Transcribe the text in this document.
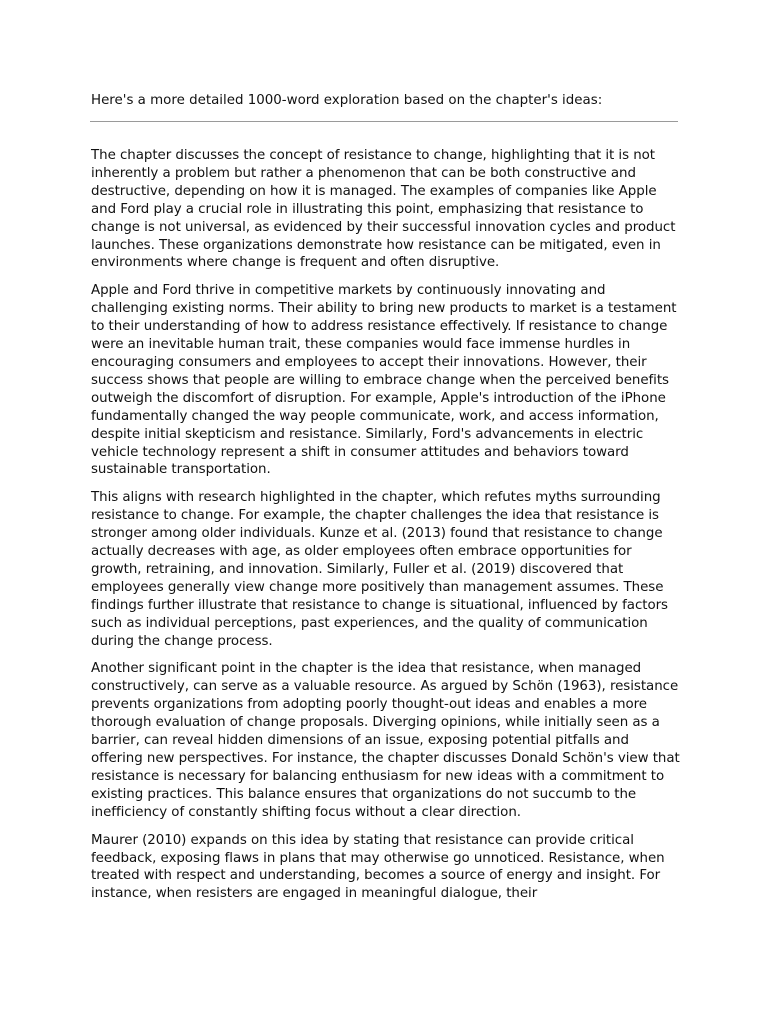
Here's a more detailed 1000-word exploration based on the chapter's ideas:

The chapter discusses the concept of resistance to change, highlighting that it is not inherently a problem but rather a phenomenon that can be both constructive and destructive, depending on how it is managed. The examples of companies like Apple and Ford play a crucial role in illustrating this point, emphasizing that resistance to change is not universal, as evidenced by their successful innovation cycles and product launches. These organizations demonstrate how resistance can be mitigated, even in environments where change is frequent and often disruptive.

Apple and Ford thrive in competitive markets by continuously innovating and challenging existing norms. Their ability to bring new products to market is a testament to their understanding of how to address resistance effectively. If resistance to change were an inevitable human trait, these companies would face immense hurdles in encouraging consumers and employees to accept their innovations. However, their success shows that people are willing to embrace change when the perceived benefits outweigh the discomfort of disruption. For example, Apple's introduction of the iPhone fundamentally changed the way people communicate, work, and access information, despite initial skepticism and resistance. Similarly, Ford's advancements in electric vehicle technology represent a shift in consumer attitudes and behaviors toward sustainable transportation.

This aligns with research highlighted in the chapter, which refutes myths surrounding resistance to change. For example, the chapter challenges the idea that resistance is stronger among older individuals. Kunze et al. (2013) found that resistance to change actually decreases with age, as older employees often embrace opportunities for growth, retraining, and innovation. Similarly, Fuller et al. (2019) discovered that employees generally view change more positively than management assumes. These findings further illustrate that resistance to change is situational, influenced by factors such as individual perceptions, past experiences, and the quality of communication during the change process.

Another significant point in the chapter is the idea that resistance, when managed constructively, can serve as a valuable resource. As argued by Schön (1963), resistance prevents organizations from adopting poorly thought-out ideas and enables a more thorough evaluation of change proposals. Diverging opinions, while initially seen as a barrier, can reveal hidden dimensions of an issue, exposing potential pitfalls and offering new perspectives. For instance, the chapter discusses Donald Schön's view that resistance is necessary for balancing enthusiasm for new ideas with a commitment to existing practices. This balance ensures that organizations do not succumb to the inefficiency of constantly shifting focus without a clear direction.

Maurer (2010) expands on this idea by stating that resistance can provide critical feedback, exposing flaws in plans that may otherwise go unnoticed. Resistance, when treated with respect and understanding, becomes a source of energy and insight. For instance, when resisters are engaged in meaningful dialogue, their
